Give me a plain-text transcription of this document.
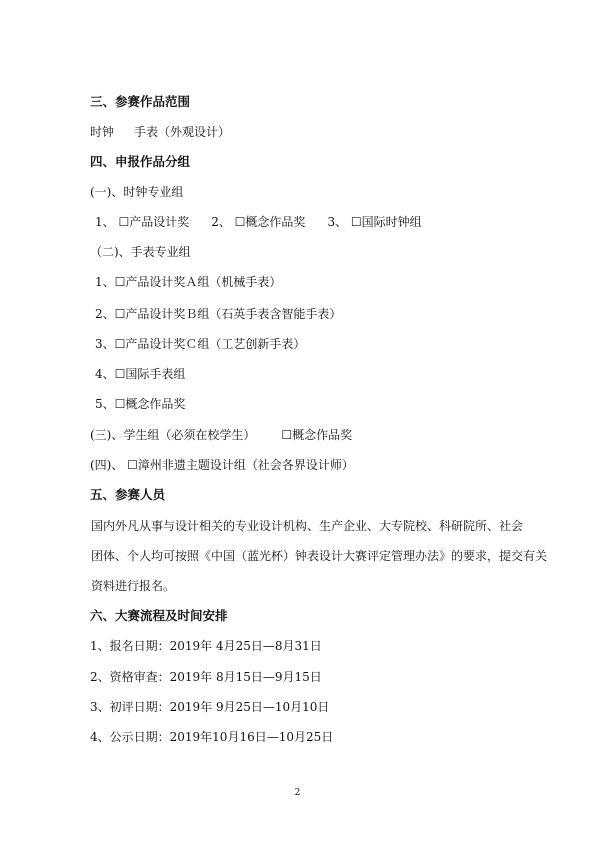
三、参赛作品范围
时钟 手表（外观设计）
四、申报作品分组
(一)、时钟专业组
1、 ☐产品设计奖 2、 ☐概念作品奖 3、 ☐国际时钟组
（二)、手表专业组
1、☐产品设计奖Ａ组（机械手表）
2、☐产品设计奖Ｂ组（石英手表含智能手表）
3、☐产品设计奖Ｃ组（工艺创新手表）
4、☐国际手表组
5、☐概念作品奖
(三)、学生组（必须在校学生） ☐概念作品奖
(四)、 ☐漳州非遗主题设计组（社会各界设计师）
五、参赛人员
国内外凡从事与设计相关的专业设计机构、生产企业、大专院校、科研院所、社会
团体、个人均可按照《中国（蓝光杯）钟表设计大赛评定管理办法》的要求，提交有关
资料进行报名。
六、大赛流程及时间安排
1、报名日期：2019年 4月25日—8月31日
2、资格审查：2019年 8月15日—9月15日
3、初评日期：2019年 9月25日—10月10日
4、公示日期：2019年10月16日—10月25日
2
